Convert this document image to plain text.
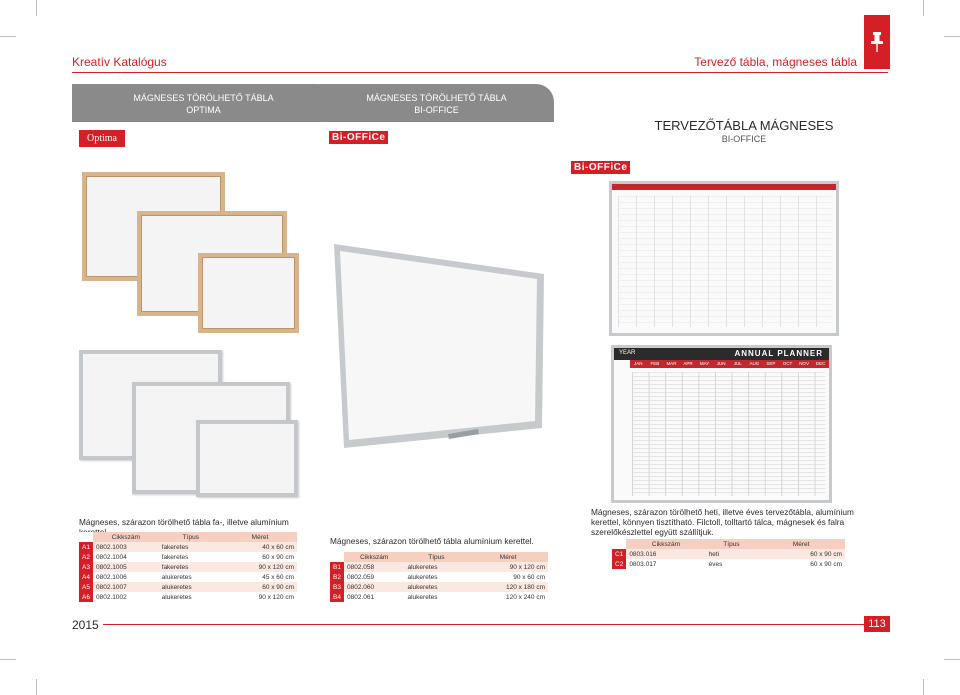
Kreatív Katalógus	Tervező tábla, mágneses tábla
MÁGNESES TÖRÖLHETŐ TÁBLA
OPTIMA
Optima
MÁGNESES TÖRÖLHETŐ TÁBLA
BI-OFFICE
Bi-OFFiCe
TERVEZŐTÁBLA MÁGNESES
BI-OFFICE
Bi-OFFiCe
YEAR	ANNUAL PLANNER
JAN	FEB	MAR	APR	MAY	JUN	JUL	AUG	SEP	OCT	NOV	DEC
Mágneses, szárazon törölhető tábla fa-, illetve alumínium
Mágneses, szárazon törölhető tábla alumínium kerettel.
Mágneses, szárazon törölhető heti, illetve éves tervezőtábla, alumínium kerettel, könnyen tisztítható. Filctoll, tolltartó tálca, mágnesek és falra szerelőkészlettel együtt szállítjuk.
	Cikkszám	Típus	Méret
A1	0802.1003	fakeretes	40 x 60 cm
A2	0802.1004	fakeretes	60 x 90 cm
A3	0802.1005	fakeretes	90 x 120 cm
A4	0802.1006	alukeretes	45 x 60 cm
A5	0802.1007	alukeretes	60 x 90 cm
A6	0802.1002	alukeretes	90 x 120 cm
	Cikkszám	Típus	Méret
B1	0802.058	alukeretes	90 x 120 cm
B2	0802.059	alukeretes	90 x 60 cm
B3	0802.060	alukeretes	120 x 180 cm
B4	0802.061	alukeretes	120 x 240 cm
	Cikkszám	Típus	Méret
C1	0803.016	heti	60 x 90 cm
C2	0803.017	éves	60 x 90 cm
2015	113
